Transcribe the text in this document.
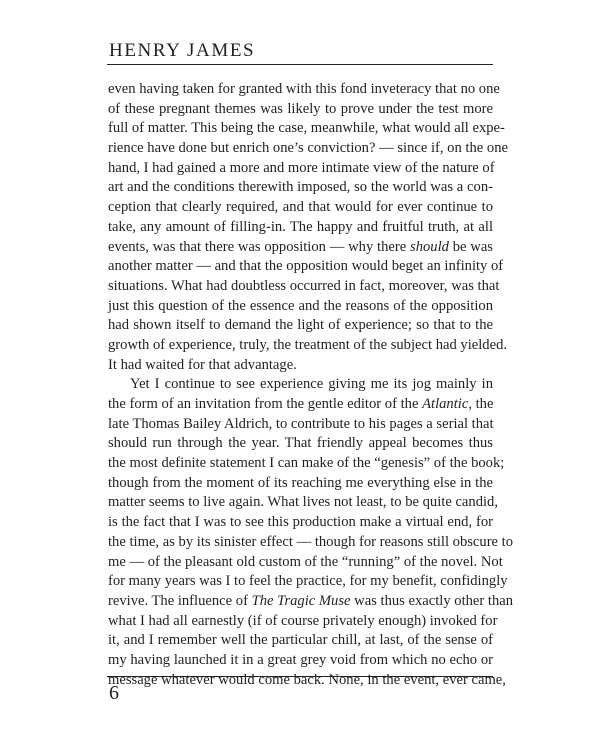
HENRY JAMES
even having taken for granted with this fond inveteracy that no one
of these pregnant themes was likely to prove under the test more
full of matter. This being the case, meanwhile, what would all expe-
rience have done but enrich one’s conviction? — since if, on the one
hand, I had gained a more and more intimate view of the nature of
art and the conditions therewith imposed, so the world was a con-
ception that clearly required, and that would for ever continue to
take, any amount of filling-in. The happy and fruitful truth, at all
events, was that there was opposition — why there should be was
another matter — and that the opposition would beget an infinity of
situations. What had doubtless occurred in fact, moreover, was that
just this question of the essence and the reasons of the opposition
had shown itself to demand the light of experience; so that to the
growth of experience, truly, the treatment of the subject had yielded.
It had waited for that advantage.
Yet I continue to see experience giving me its jog mainly in
the form of an invitation from the gentle editor of the Atlantic, the
late Thomas Bailey Aldrich, to contribute to his pages a serial that
should run through the year. That friendly appeal becomes thus
the most definite statement I can make of the “genesis” of the book;
though from the moment of its reaching me everything else in the
matter seems to live again. What lives not least, to be quite candid,
is the fact that I was to see this production make a virtual end, for
the time, as by its sinister effect — though for reasons still obscure to
me — of the pleasant old custom of the “running” of the novel. Not
for many years was I to feel the practice, for my benefit, confidingly
revive. The influence of The Tragic Muse was thus exactly other than
what I had all earnestly (if of course privately enough) invoked for
it, and I remember well the particular chill, at last, of the sense of
my having launched it in a great grey void from which no echo or
message whatever would come back. None, in the event, ever came,
6
